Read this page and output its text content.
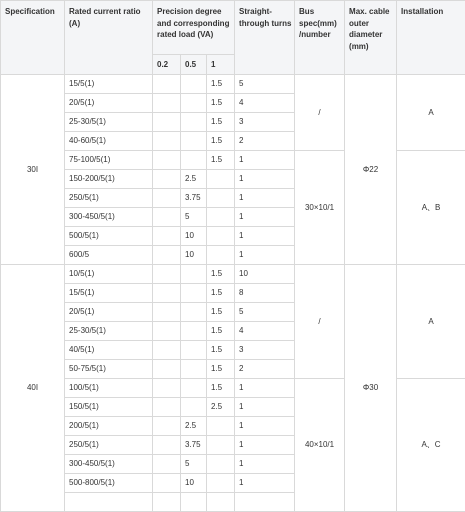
Specification	Rated current ratio (A)	Precision degree and corresponding rated load (VA)			Straight-through turns	Bus spec(mm) /number	Max. cable outer diameter (mm)	Installation
		0.2	0.5	1				
30I	15/5(1)			1.5	5	/	Φ22	A
	20/5(1)			1.5	4			
	25-30/5(1)			1.5	3			
	40-60/5(1)			1.5	2			
	75-100/5(1)			1.5	1	30×10/1		A、B
	150-200/5(1)		2.5		1			
	250/5(1)		3.75		1			
	300-450/5(1)		5		1			
	500/5(1)		10		1			
	600/5		10		1			
40I	10/5(1)			1.5	10	/	Φ30	A
	15/5(1)			1.5	8			
	20/5(1)			1.5	5			
	25-30/5(1)			1.5	4			
	40/5(1)			1.5	3			
	50-75/5(1)			1.5	2			
	100/5(1)			1.5	1	40×10/1		A、C
	150/5(1)			2.5	1			
	200/5(1)		2.5		1			
	250/5(1)		3.75		1			
	300-450/5(1)		5		1			
	500-800/5(1)		10		1			
